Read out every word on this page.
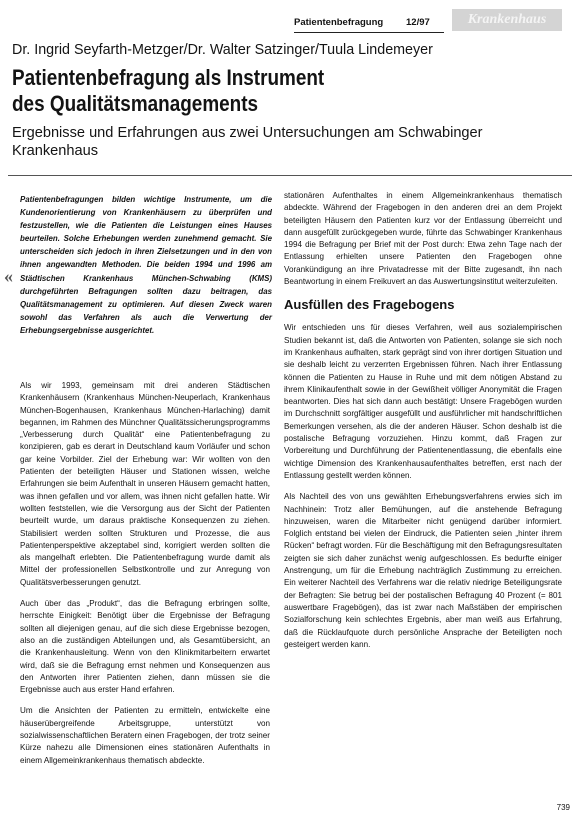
Patientenbefragung 12/97	Krankenhaus
Dr. Ingrid Seyfarth-Metzger/Dr. Walter Satzinger/Tuula Lindemeyer
Patientenbefragung als Instrument
des Qualitätsmanagements
Ergebnisse und Erfahrungen aus zwei Untersuchungen am Schwabinger Krankenhaus
Patientenbefragungen bilden wichtige Instrumente, um die Kundenorientierung von Krankenhäusern zu überprüfen und festzustellen, wie die Patienten die Leistungen eines Hauses beurteilen. Solche Erhebungen werden zunehmend gemacht. Sie unterscheiden sich jedoch in ihren Zielsetzungen und in den von ihnen angewandten Methoden. Die beiden 1994 und 1996 am Städtischen Krankenhaus München-Schwabing (KMS) durchgeführten Befragungen sollten dazu beitragen, das Qualitätsmanagement zu optimieren. Auf diesen Zweck waren sowohl das Verfahren als auch die Verwertung der Erhebungsergebnisse ausgerichtet.
«

Als wir 1993, gemeinsam mit drei anderen Städtischen Krankenhäusern (Krankenhaus München-Neuperlach, Krankenhaus München-Bogenhausen, Krankenhaus München-Harlaching) damit begannen, im Rahmen des Münchner Qualitätssicherungsprogramms „Verbesserung durch Qualität“ eine Patientenbefragung zu konzipieren, gab es derart in Deutschland kaum Vorläufer und schon gar keine Vorbilder. Ziel der Erhebung war: Wir wollten von den Patienten der beteiligten Häuser und Stationen wissen, welche Erfahrungen sie beim Aufenthalt in unseren Häusern gemacht hatten, was ihnen gefallen und vor allem, was ihnen nicht gefallen hatte. Wir wollten feststellen, wie die Versorgung aus der Sicht der Patienten beurteilt wurde, um daraus praktische Konsequenzen zu ziehen. Stabilisiert werden sollten Strukturen und Prozesse, die aus Patientenperspektive akzeptabel sind, korrigiert werden sollten die als mangelhaft erlebten. Die Patientenbefragung wurde damit als Mittel der professionellen Selbstkontrolle und zur Anregung von Qualitätsverbesserungen genutzt.

Auch über das „Produkt“, das die Befragung erbringen sollte, herrschte Einigkeit: Benötigt über die Ergebnisse der Befragung sollten all diejenigen genau, auf die sich diese Ergebnisse bezogen, also an die zuständigen Abteilungen und, als Gesamtübersicht, an die Krankenhausleitung. Wenn von den Klinikmitarbeitern erwartet wird, daß sie die Befragung ernst nehmen und Konsequenzen aus den Antworten ihrer Patienten ziehen, dann müssen sie die Ergebnisse auch aus erster Hand erfahren.

Um die Ansichten der Patienten zu ermitteln, entwickelte eine häuserübergreifende Arbeitsgruppe, unterstützt von sozialwissenschaftlichen Beratern einen Fragebogen, der trotz seiner Kürze nahezu alle Dimensionen eines stationären Aufenthalts in einem Allgemeinkrankenhaus thematisch abdeckte.

stationären Aufenthaltes in einem Allgemeinkrankenhaus thematisch abdeckte. Während der Fragebogen in den anderen drei an dem Projekt beteiligten Häusern den Patienten kurz vor der Entlassung überreicht und dann ausgefüllt zurückgegeben wurde, führte das Schwabinger Krankenhaus 1994 die Befragung per Brief mit der Post durch: Etwa zehn Tage nach der Entlassung erhielten unsere Patienten den Fragebogen ohne Vorankündigung an ihre Privatadresse mit der Bitte zugesandt, ihn nach Beantwortung in einem Freikuvert an das Auswertungsinstitut weiterzuleiten.

Wir entschieden uns für dieses Verfahren, weil aus sozialempirischen Studien bekannt ist, daß die Antworten von Patienten, solange sie sich noch im Krankenhaus aufhalten, stark geprägt sind von ihrer dortigen Situation und sie deshalb leicht zu verzerrten Ergebnissen führen. Nach ihrer Entlassung können die Patienten zu Hause in Ruhe und mit dem nötigen Abstand zu ihrem Klinikaufenthalt sowie in der Gewißheit völliger Anonymität die Fragen beantworten. Dies hat sich dann auch bestätigt: Unsere Fragebögen wurden im Durchschnitt sorgfältiger ausgefüllt und ausführlicher mit handschriftlichen Bemerkungen versehen, als die der anderen Häuser. Schon deshalb ist die postalische Befragung vorzuziehen. Hinzu kommt, daß Fragen zur Vorbereitung und Durchführung der Patientenentlassung, die ebenfalls eine wichtige Dimension des Krankenhausaufenthaltes betreffen, erst nach der Entlassung gestellt werden können.

Als Nachteil des von uns gewählten Erhebungsverfahrens erwies sich im Nachhinein: Trotz aller Bemühungen, auf die anstehende Befragung hinzuweisen, waren die Mitarbeiter nicht genügend darüber informiert. Folglich entstand bei vielen der Eindruck, die Patienten seien „hinter ihrem Rücken“ befragt worden. Für die Beschäftigung mit den Befragungsresultaten zeigten sie sich daher zunächst wenig aufgeschlossen. Es bedurfte einiger Anstrengung, um für die Erhebung nachträglich Zustimmung zu erreichen. Ein weiterer Nachteil des Verfahrens war die relativ niedrige Beteiligungsrate der Befragten: Sie betrug bei der postalischen Befragung 40 Prozent (= 801 auswertbare Fragebögen), das ist zwar nach Maßstäben der empirischen Sozialforschung kein schlechtes Ergebnis, aber man weiß aus Erfahrung, daß die Rücklaufquote durch persönliche Ansprache der Beteiligten noch gesteigert werden kann.

Ausfüllen des Fragebogens
739
